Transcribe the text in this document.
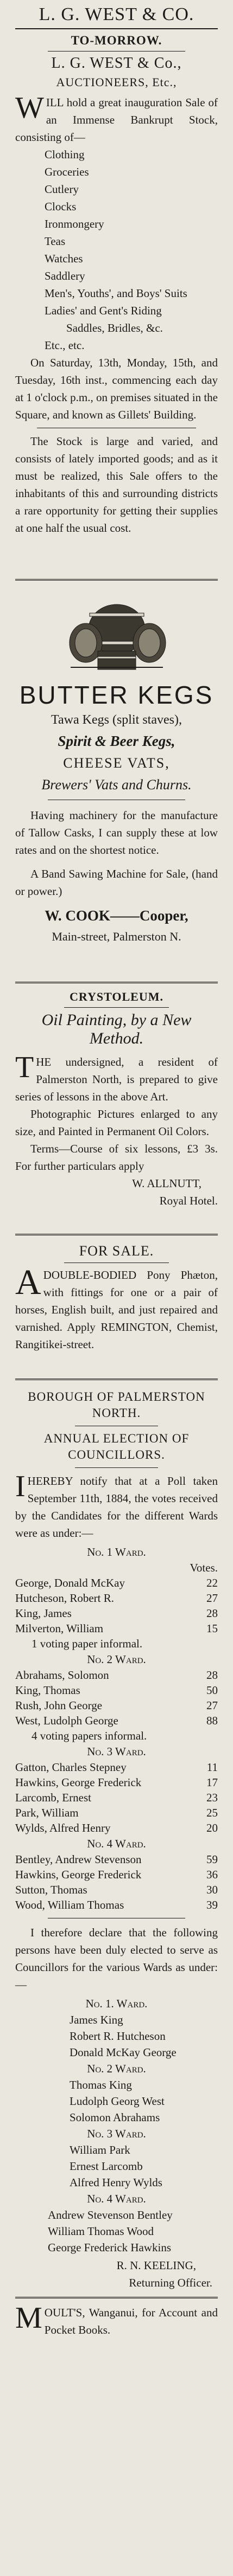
L. G. WEST & CO.
TO-MORROW.
L. G. WEST & Co.,
AUCTIONEERS, Etc.,
WILL hold a great inauguration Sale of an Immense Bankrupt Stock, consisting of—
Clothing
Groceries
Cutlery
Clocks
Ironmongery
Teas
Watches
Saddlery
Men's, Youths', and Boys' Suits
Ladies' and Gent's Riding
Saddles, Bridles, &c.
Etc., etc.

On Saturday, 13th, Monday, 15th, and Tuesday, 16th inst., commencing each day at 1 o'clock p.m., on premises situated in the Square, and known as Gillets' Building.

The Stock is large and varied, and consists of lately imported goods; and as it must be realized, this Sale offers to the inhabitants of this and surrounding districts a rare opportunity for getting their supplies at one half the usual cost.

BUTTER KEGS
Tawa Kegs (split staves),
Spirit & Beer Kegs,
CHEESE VATS,
Brewers' Vats and Churns.

Having machinery for the manufacture of Tallow Casks, I can supply these at low rates and on the shortest notice.

A Band Sawing Machine for Sale, (hand or power.)

W. COOK——Cooper,
Main-street, Palmerston N.
CRYSTOLEUM.
Oil Painting, by a New Method.
THE undersigned, a resident of Palmerston North, is prepared to give series of lessons in the above Art.

Photographic Pictures enlarged to any size, and Painted in Permanent Oil Colors.

Terms—Course of six lessons, £3 3s. For further particulars apply

W. ALLNUTT,
Royal Hotel.
FOR SALE.
ADOUBLE-BODIED Pony Phæton, with fittings for one or a pair of horses, English built, and just repaired and varnished. Apply REMINGTON, Chemist, Rangitikei-street.
BOROUGH OF PALMERSTON NORTH.
ANNUAL ELECTION OF COUNCILLORS.
IHEREBY notify that at a Poll taken September 11th, 1884, the votes received by the Candidates for the different Wards were as under:—
No. 1 Ward.
Votes.
George, Donald McKay	22
Hutcheson, Robert R.	27
King, James	28
Milverton, William	15
1 voting paper informal.
No. 2 Ward.
Abrahams, Solomon	28
King, Thomas	50
Rush, John George	27
West, Ludolph George	88
4 voting papers informal.
No. 3 Ward.
Gatton, Charles Stepney	11
Hawkins, George Frederick	17
Larcomb, Ernest	23
Park, William	25
Wylds, Alfred Henry	20
No. 4 Ward.
Bentley, Andrew Stevenson	59
Hawkins, George Frederick	36
Sutton, Thomas	30
Wood, William Thomas	39

I therefore declare that the following persons have been duly elected to serve as Councillors for the various Wards as under:—

No. 1. Ward.
James King
Robert R. Hutcheson
Donald McKay George
No. 2 Ward.
Thomas King
Ludolph Georg West
Solomon Abrahams
No. 3 Ward.
William Park
Ernest Larcomb
Alfred Henry Wylds
No. 4 Ward.
Andrew Stevenson Bentley
William Thomas Wood
George Frederick Hawkins
R. N. KEELING,
Returning Officer.
MOULT'S, Wanganui, for Account and Pocket Books.
